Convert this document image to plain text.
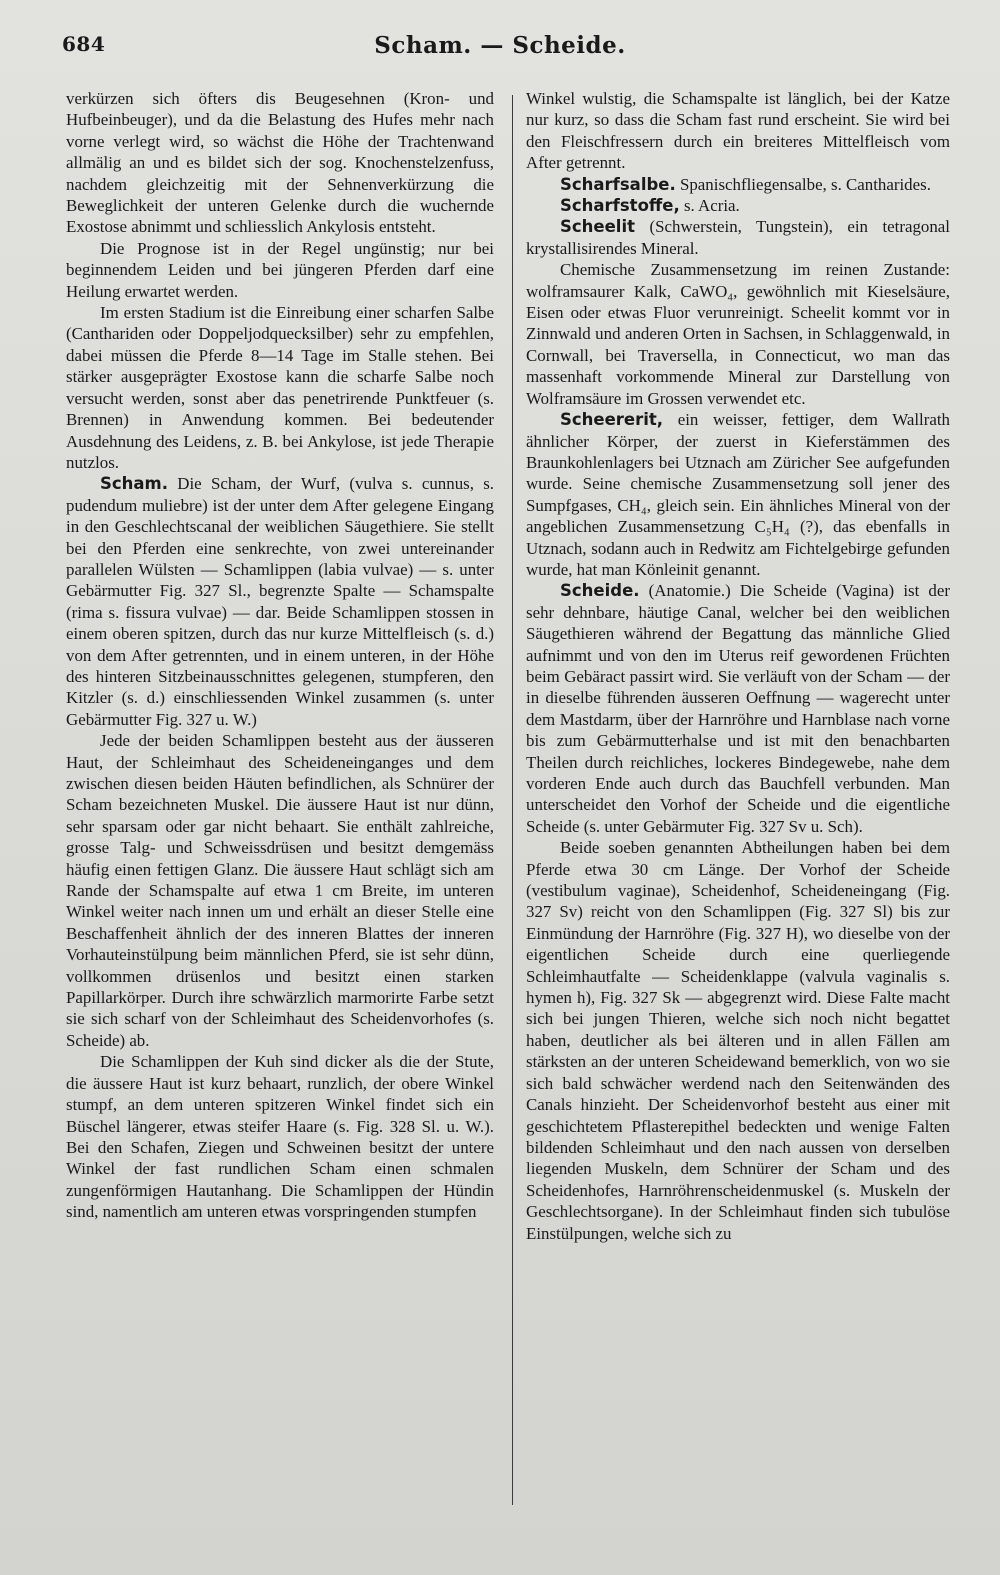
684	Scham. — Scheide.

verkürzen sich öfters dis Beugesehnen (Kron- und Hufbeinbeuger), und da die Belastung des Hufes mehr nach vorne verlegt wird, so wächst die Höhe der Trachtenwand allmälig an und es bildet sich der sog. Knochenstelzenfuss, nachdem gleichzeitig mit der Sehnenverkürzung die Beweglichkeit der unteren Gelenke durch die wuchernde Exostose abnimmt und schliesslich Ankylosis entsteht.

Die Prognose ist in der Regel ungünstig; nur bei beginnendem Leiden und bei jüngeren Pferden darf eine Heilung erwartet werden.

Im ersten Stadium ist die Einreibung einer scharfen Salbe (Canthariden oder Doppeljodquecksilber) sehr zu empfehlen, dabei müssen die Pferde 8—14 Tage im Stalle stehen. Bei stärker ausgeprägter Exostose kann die scharfe Salbe noch versucht werden, sonst aber das penetrirende Punktfeuer (s. Brennen) in Anwendung kommen. Bei bedeutender Ausdehnung des Leidens, z. B. bei Ankylose, ist jede Therapie nutzlos.

Scham. Die Scham, der Wurf, (vulva s. cunnus, s. pudendum muliebre) ist der unter dem After gelegene Eingang in den Geschlechtscanal der weiblichen Säugethiere. Sie stellt bei den Pferden eine senkrechte, von zwei untereinander parallelen Wülsten — Schamlippen (labia vulvae) — s. unter Gebärmutter Fig. 327 Sl., begrenzte Spalte — Schamspalte (rima s. fissura vulvae) — dar. Beide Schamlippen stossen in einem oberen spitzen, durch das nur kurze Mittelfleisch (s. d.) von dem After getrennten, und in einem unteren, in der Höhe des hinteren Sitzbeinausschnittes gelegenen, stumpferen, den Kitzler (s. d.) einschliessenden Winkel zusammen (s. unter Gebärmutter Fig. 327 u. W.)

Jede der beiden Schamlippen besteht aus der äusseren Haut, der Schleimhaut des Scheideneinganges und dem zwischen diesen beiden Häuten befindlichen, als Schnürer der Scham bezeichneten Muskel. Die äussere Haut ist nur dünn, sehr sparsam oder gar nicht behaart. Sie enthält zahlreiche, grosse Talg- und Schweissdrüsen und besitzt demgemäss häufig einen fettigen Glanz. Die äussere Haut schlägt sich am Rande der Schamspalte auf etwa 1 cm Breite, im unteren Winkel weiter nach innen um und erhält an dieser Stelle eine Beschaffenheit ähnlich der des inneren Blattes der inneren Vorhauteinstülpung beim männlichen Pferd, sie ist sehr dünn, vollkommen drüsenlos und besitzt einen starken Papillarkörper. Durch ihre schwärzlich marmorirte Farbe setzt sie sich scharf von der Schleimhaut des Scheidenvorhofes (s. Scheide) ab.

Die Schamlippen der Kuh sind dicker als die der Stute, die äussere Haut ist kurz behaart, runzlich, der obere Winkel stumpf, an dem unteren spitzeren Winkel findet sich ein Büschel längerer, etwas steifer Haare (s. Fig. 328 Sl. u. W.). Bei den Schafen, Ziegen und Schweinen besitzt der untere Winkel der fast rundlichen Scham einen schmalen zungenförmigen Hautanhang. Die Schamlippen der Hündin sind, namentlich am unteren etwas vorspringenden stumpfen

Winkel wulstig, die Schamspalte ist länglich, bei der Katze nur kurz, so dass die Scham fast rund erscheint. Sie wird bei den Fleischfressern durch ein breiteres Mittelfleisch vom After getrennt.

Scharfsalbe. Spanischfliegensalbe, s. Cantharides.

Scharfstoffe, s. Acria.

Scheelit (Schwerstein, Tungstein), ein tetragonal krystallisirendes Mineral.

Chemische Zusammensetzung im reinen Zustande: wolframsaurer Kalk, CaWO₄, gewöhnlich mit Kieselsäure, Eisen oder etwas Fluor verunreinigt. Scheelit kommt vor in Zinnwald und anderen Orten in Sachsen, in Schlaggenwald, in Cornwall, bei Traversella, in Connecticut, wo man das massenhaft vorkommende Mineral zur Darstellung von Wolframsäure im Grossen verwendet etc.

Scheererit, ein weisser, fettiger, dem Wallrath ähnlicher Körper, der zuerst in Kieferstämmen des Braunkohlenlagers bei Utznach am Züricher See aufgefunden wurde. Seine chemische Zusammensetzung soll jener des Sumpfgases, CH₄, gleich sein. Ein ähnliches Mineral von der angeblichen Zusammensetzung C₅H₄ (?), das ebenfalls in Utznach, sodann auch in Redwitz am Fichtelgebirge gefunden wurde, hat man Könleinit genannt.

Scheide. (Anatomie.) Die Scheide (Vagina) ist der sehr dehnbare, häutige Canal, welcher bei den weiblichen Säugethieren während der Begattung das männliche Glied aufnimmt und von den im Uterus reif gewordenen Früchten beim Gebäract passirt wird. Sie verläuft von der Scham — der in dieselbe führenden äusseren Oeffnung — wagerecht unter dem Mastdarm, über der Harnröhre und Harnblase nach vorne bis zum Gebärmutterhalse und ist mit den benachbarten Theilen durch reichliches, lockeres Bindegewebe, nahe dem vorderen Ende auch durch das Bauchfell verbunden. Man unterscheidet den Vorhof der Scheide und die eigentliche Scheide (s. unter Gebärmuter Fig. 327 Sv u. Sch).

Beide soeben genannten Abtheilungen haben bei dem Pferde etwa 30 cm Länge. Der Vorhof der Scheide (vestibulum vaginae), Scheidenhof, Scheideneingang (Fig. 327 Sv) reicht von den Schamlippen (Fig. 327 Sl) bis zur Einmündung der Harnröhre (Fig. 327 H), wo dieselbe von der eigentlichen Scheide durch eine querliegende Schleimhautfalte — Scheidenklappe (valvula vaginalis s. hymen h), Fig. 327 Sk — abgegrenzt wird. Diese Falte macht sich bei jungen Thieren, welche sich noch nicht begattet haben, deutlicher als bei älteren und in allen Fällen am stärksten an der unteren Scheidewand bemerklich, von wo sie sich bald schwächer werdend nach den Seitenwänden des Canals hinzieht. Der Scheidenvorhof besteht aus einer mit geschichtetem Pflasterepithel bedeckten und wenige Falten bildenden Schleimhaut und den nach aussen von derselben liegenden Muskeln, dem Schnürer der Scham und des Scheidenhofes, Harnröhrenscheidenmuskel (s. Muskeln der Geschlechtsorgane). In der Schleimhaut finden sich tubulöse Einstülpungen, welche sich zu
